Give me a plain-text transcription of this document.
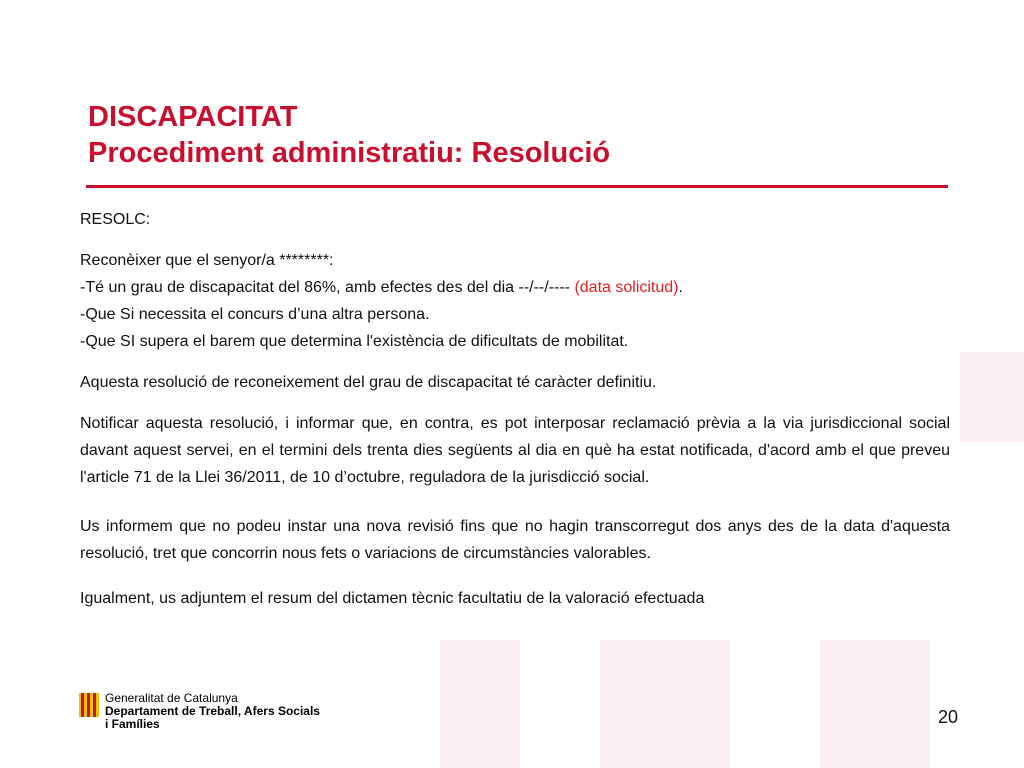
DISCAPACITAT
Procediment administratiu: Resolució

RESOLC:

Reconèixer que el senyor/a ********:

-Té un grau de discapacitat del 86%, amb efectes des del dia --/--/---- (data solicitud).

-Que Si necessita el concurs d’una altra persona.

-Que SI supera el barem que determina l'existència de dificultats de mobilitat.

Aquesta resolució de reconeixement del grau de discapacitat té caràcter definitiu.

Notificar aquesta resolució, i informar que, en contra, es pot interposar reclamació prèvia a la via jurisdiccional social davant aquest servei, en el termini dels trenta dies següents al dia en què ha estat notificada, d'acord amb el que preveu l'article 71 de la Llei 36/2011, de 10 d’octubre, reguladora de la jurisdicció social.

Us informem que no podeu instar una nova revisió fins que no hagin transcorregut dos anys des de la data d'aquesta resolució, tret que concorrin nous fets o variacions de circumstàncies valorables.

Igualment, us adjuntem el resum del dictamen tècnic facultatiu de la valoració efectuada

Generalitat de Catalunya
Departament de Treball, Afers Socials
i Famílies	20
